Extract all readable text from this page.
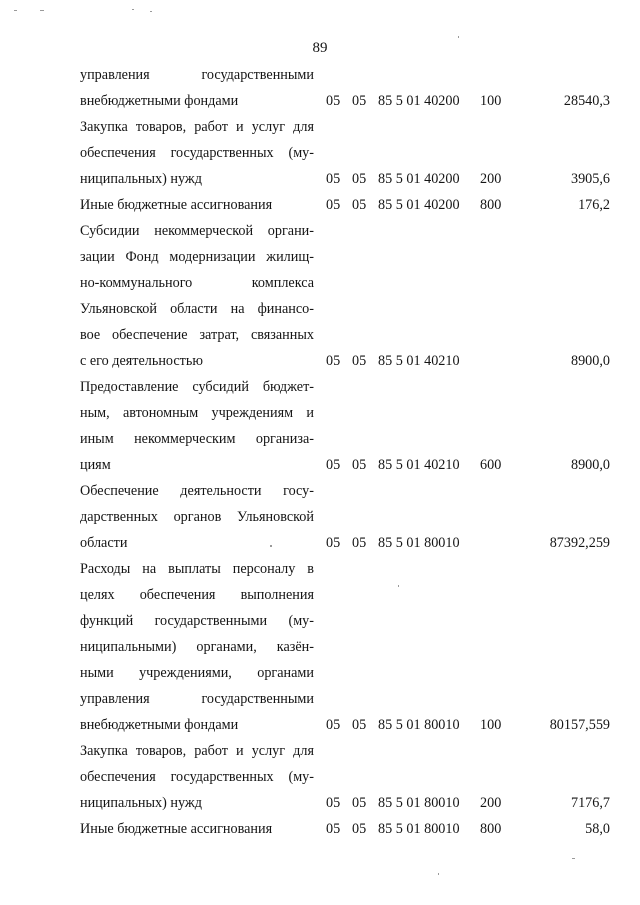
89
управления государственными
внебюджетными фондами	05 05 85 5 01 40200 100	28540,3
Закупка товаров, работ и услуг для
обеспечения государственных (му-
ниципальных) нужд	05 05 85 5 01 40200 200	3905,6
Иные бюджетные ассигнования	05 05 85 5 01 40200 800	176,2
Субсидии некоммерческой органи-
зации Фонд модернизации жилищ-
но-коммунального комплекса
Ульяновской области на финансо-
вое обеспечение затрат, связанных
с его деятельностью	05 05 85 5 01 40210	8900,0
Предоставление субсидий бюджет-
ным, автономным учреждениям и
иным некоммерческим организа-
циям	05 05 85 5 01 40210 600	8900,0
Обеспечение деятельности госу-
дарственных органов Ульяновской
области	05 05 85 5 01 80010	87392,259
Расходы на выплаты персоналу в
целях обеспечения выполнения
функций государственными (му-
ниципальными) органами, казён-
ными учреждениями, органами
управления государственными
внебюджетными фондами	05 05 85 5 01 80010 100	80157,559
Закупка товаров, работ и услуг для
обеспечения государственных (му-
ниципальных) нужд	05 05 85 5 01 80010 200	7176,7
Иные бюджетные ассигнования	05 05 85 5 01 80010 800	58,0
